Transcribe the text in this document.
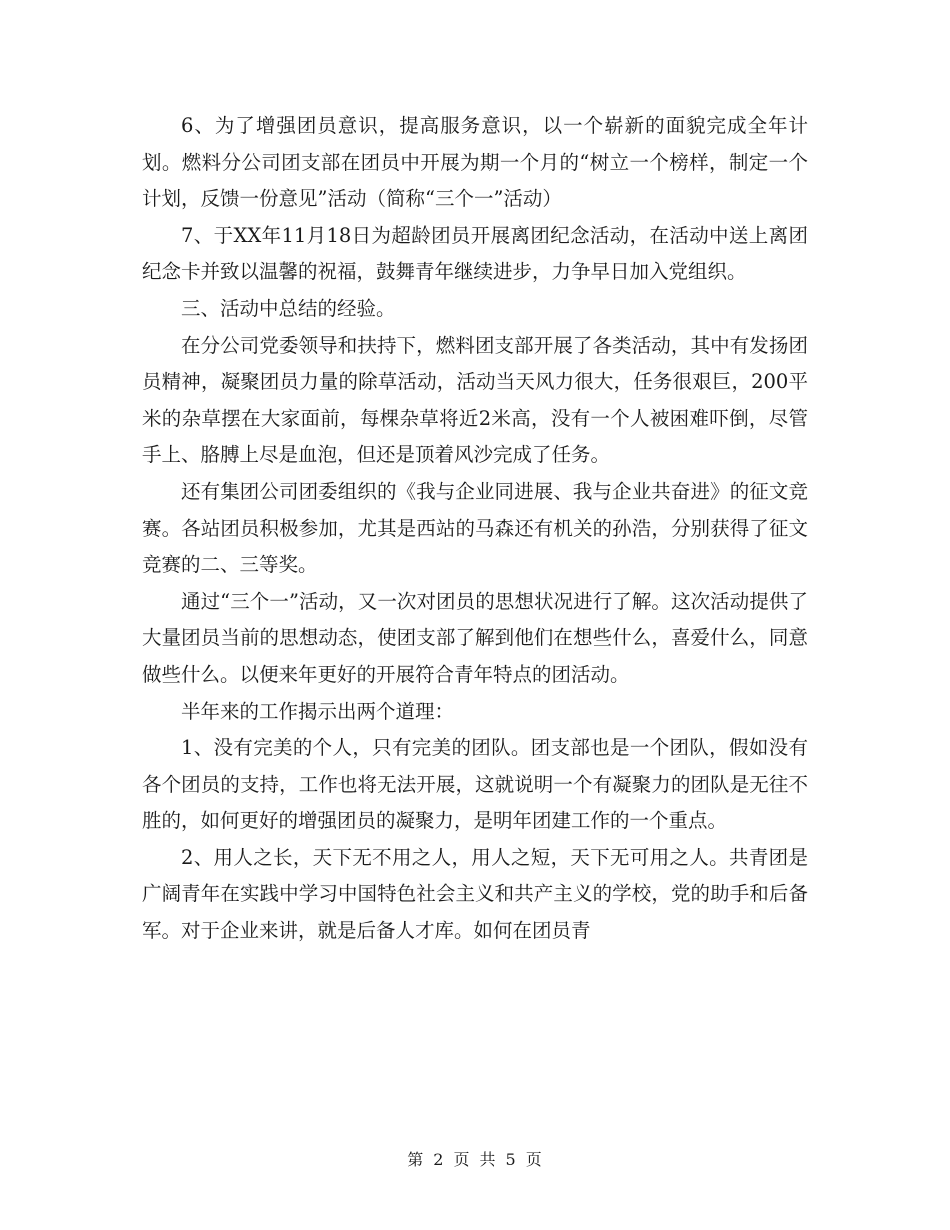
6、为了增强团员意识，提高服务意识，以一个崭新的面貌完成全年计划。燃料分公司团支部在团员中开展为期一个月的“树立一个榜样，制定一个计划，反馈一份意见”活动（简称“三个一”活动）

7、于XX年11月18日为超龄团员开展离团纪念活动，在活动中送上离团纪念卡并致以温馨的祝福，鼓舞青年继续进步，力争早日加入党组织。

三、活动中总结的经验。

在分公司党委领导和扶持下，燃料团支部开展了各类活动，其中有发扬团员精神，凝聚团员力量的除草活动，活动当天风力很大，任务很艰巨，200平米的杂草摆在大家面前，每棵杂草将近2米高，没有一个人被困难吓倒，尽管手上、胳膊上尽是血泡，但还是顶着风沙完成了任务。

还有集团公司团委组织的《我与企业同进展、我与企业共奋进》的征文竞赛。各站团员积极参加，尤其是西站的马森还有机关的孙浩，分别获得了征文竞赛的二、三等奖。

通过“三个一”活动，又一次对团员的思想状况进行了解。这次活动提供了大量团员当前的思想动态，使团支部了解到他们在想些什么，喜爱什么，同意做些什么。以便来年更好的开展符合青年特点的团活动。

半年来的工作揭示出两个道理：

1、没有完美的个人，只有完美的团队。团支部也是一个团队，假如没有各个团员的支持，工作也将无法开展，这就说明一个有凝聚力的团队是无往不胜的，如何更好的增强团员的凝聚力，是明年团建工作的一个重点。

2、用人之长，天下无不用之人，用人之短，天下无可用之人。共青团是广阔青年在实践中学习中国特色社会主义和共产主义的学校，党的助手和后备军。对于企业来讲，就是后备人才库。如何在团员青

第 2 页 共 5 页
